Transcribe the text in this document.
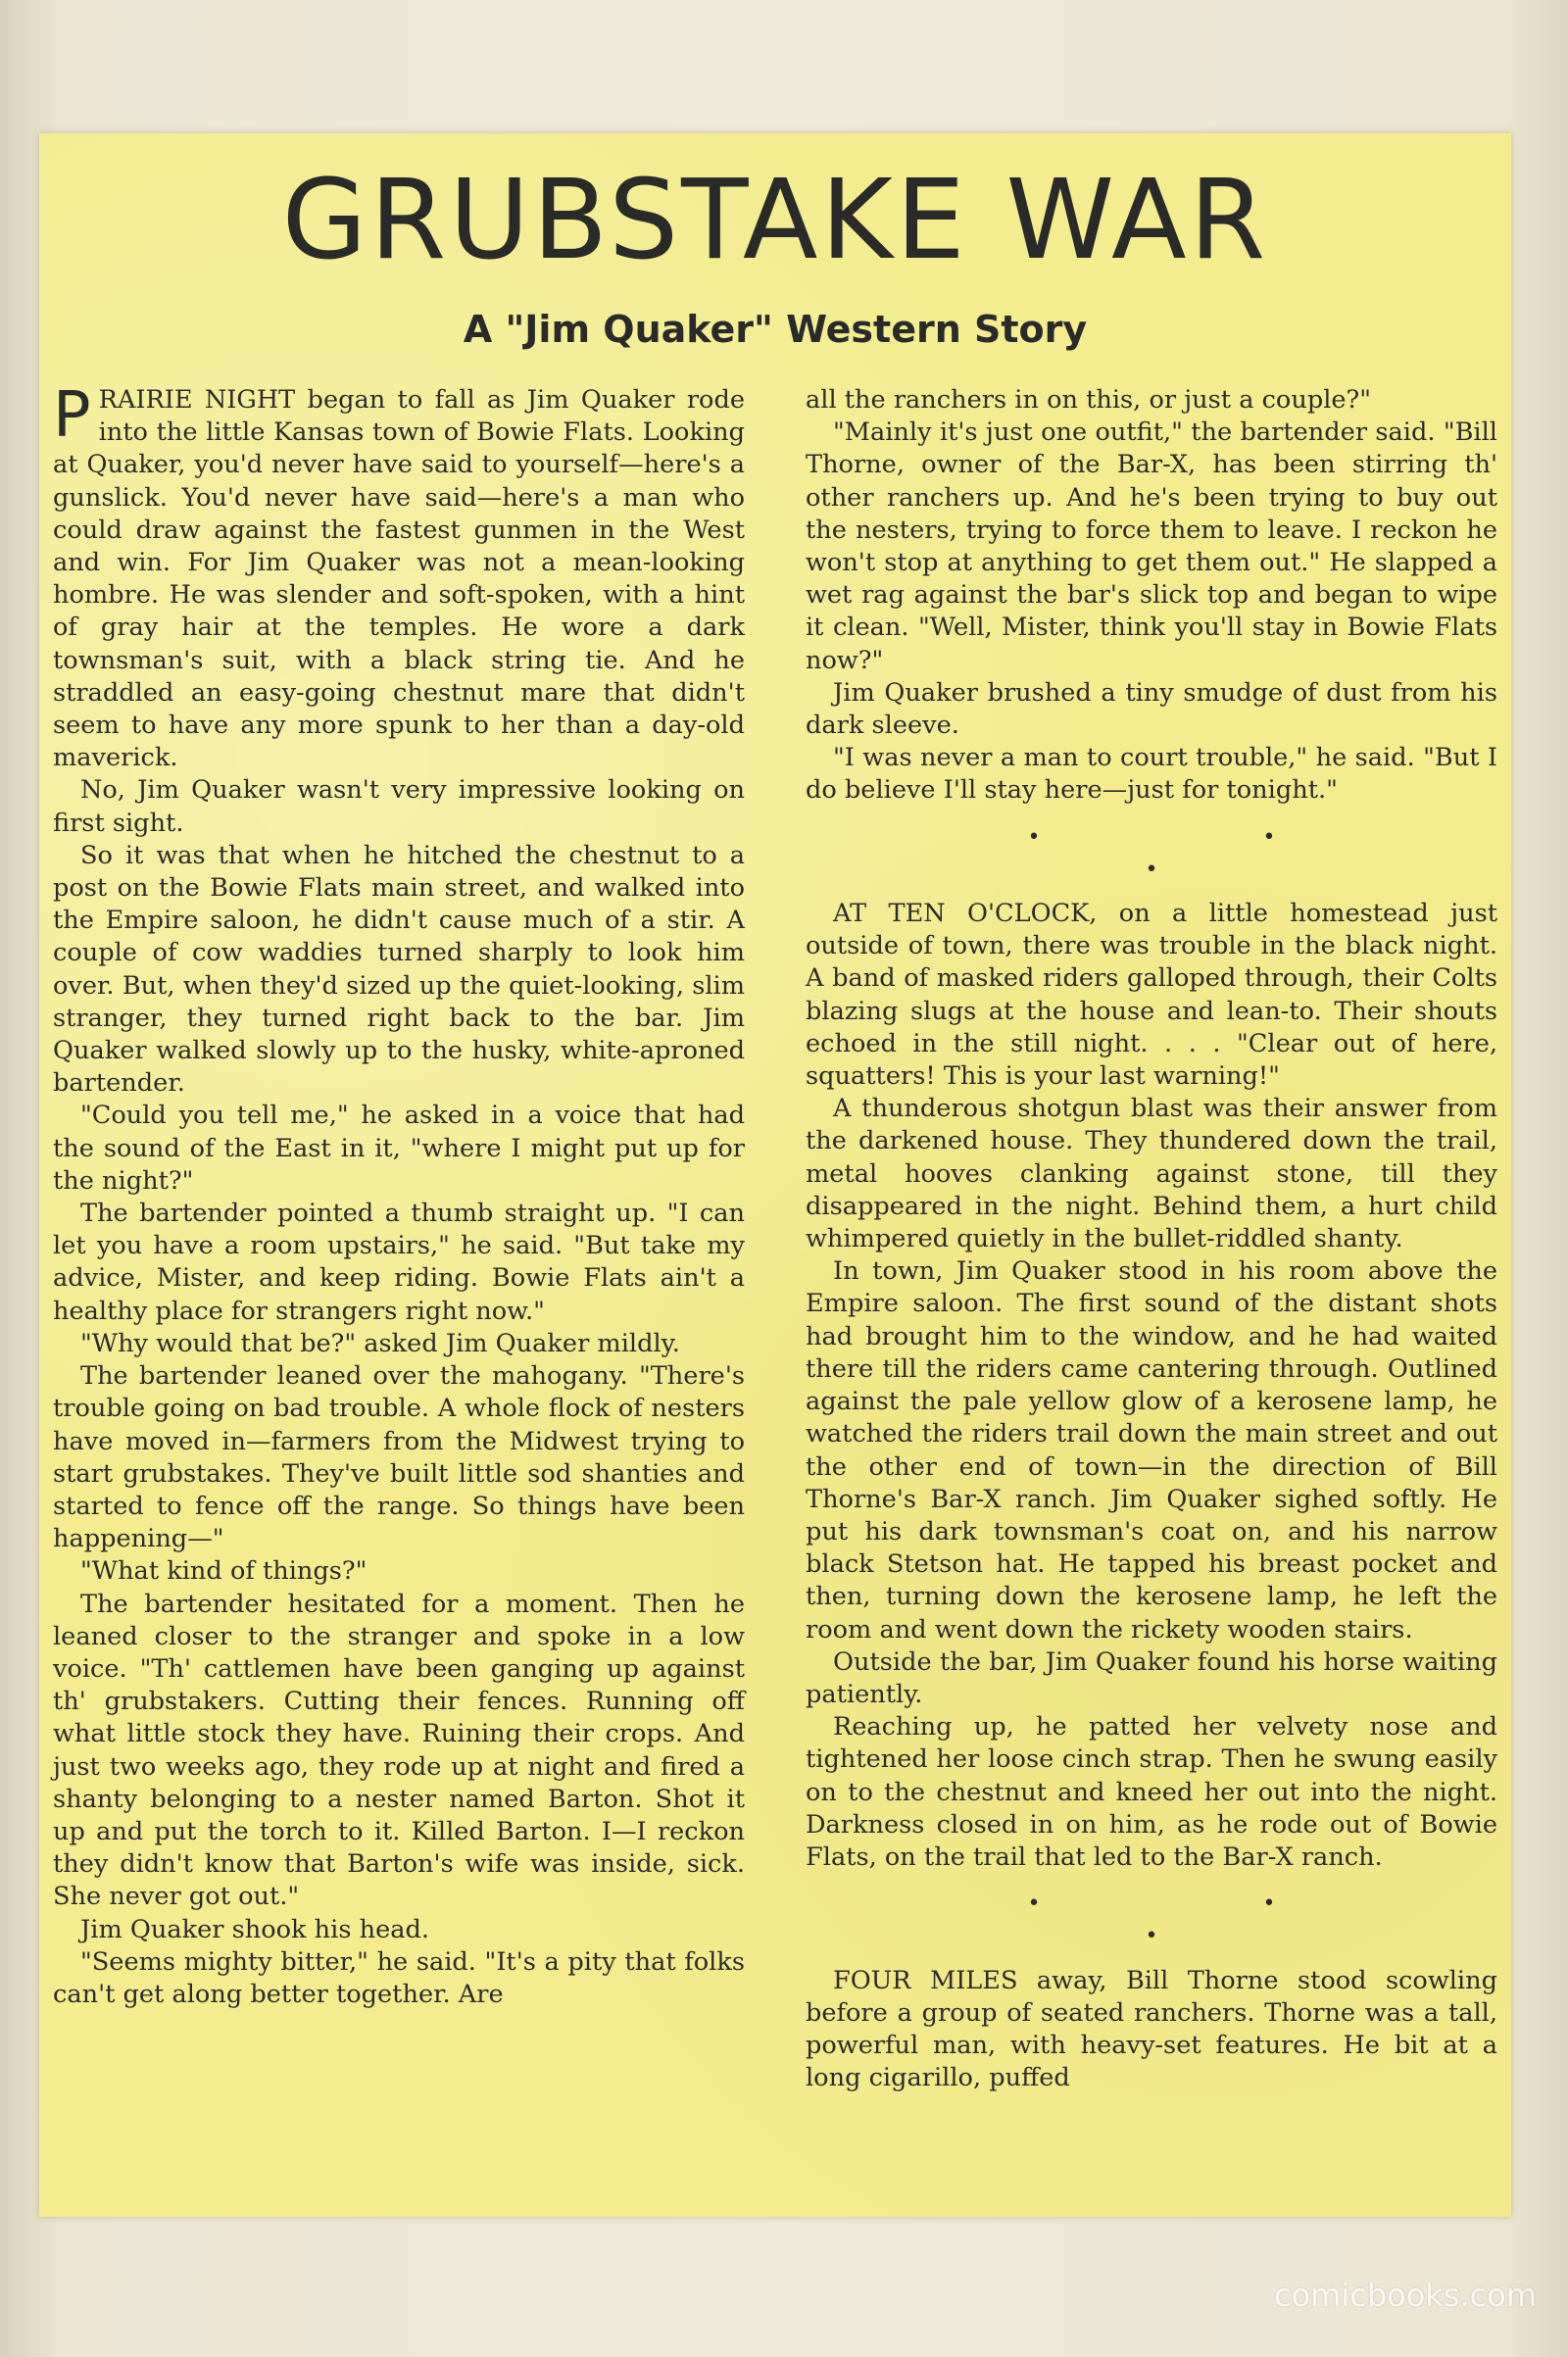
GRUBSTAKE WAR
A "Jim Quaker" Western Story

PRAIRIE NIGHT began to fall as Jim Quaker rode into the little Kansas town of Bowie Flats. Looking at Quaker, you'd never have said to yourself—here's a gunslick. You'd never have said—here's a man who could draw against the fastest gunmen in the West and win. For Jim Quaker was not a mean-looking hombre. He was slender and soft-spoken, with a hint of gray hair at the temples. He wore a dark townsman's suit, with a black string tie. And he straddled an easy-going chestnut mare that didn't seem to have any more spunk to her than a day-old maverick.

No, Jim Quaker wasn't very impressive looking on first sight.

So it was that when he hitched the chestnut to a post on the Bowie Flats main street, and walked into the Empire saloon, he didn't cause much of a stir. A couple of cow waddies turned sharply to look him over. But, when they'd sized up the quiet-looking, slim stranger, they turned right back to the bar. Jim Quaker walked slowly up to the husky, white-aproned bartender.

"Could you tell me," he asked in a voice that had the sound of the East in it, "where I might put up for the night?"

The bartender pointed a thumb straight up. "I can let you have a room upstairs," he said. "But take my advice, Mister, and keep riding. Bowie Flats ain't a healthy place for strangers right now."

"Why would that be?" asked Jim Quaker mildly.

The bartender leaned over the mahogany. "There's trouble going on bad trouble. A whole flock of nesters have moved in—farmers from the Midwest trying to start grubstakes. They've built little sod shanties and started to fence off the range. So things have been happening—"

"What kind of things?"

The bartender hesitated for a moment. Then he leaned closer to the stranger and spoke in a low voice. "Th' cattlemen have been ganging up against th' grubstakers. Cutting their fences. Running off what little stock they have. Ruining their crops. And just two weeks ago, they rode up at night and fired a shanty belonging to a nester named Barton. Shot it up and put the torch to it. Killed Barton. I—I reckon they didn't know that Barton's wife was inside, sick. She never got out."

Jim Quaker shook his head.

"Seems mighty bitter," he said. "It's a pity that folks can't get along better together. Are

all the ranchers in on this, or just a couple?"

"Mainly it's just one outfit," the bartender said. "Bill Thorne, owner of the Bar-X, has been stirring th' other ranchers up. And he's been trying to buy out the nesters, trying to force them to leave. I reckon he won't stop at anything to get them out." He slapped a wet rag against the bar's slick top and began to wipe it clean. "Well, Mister, think you'll stay in Bowie Flats now?"

Jim Quaker brushed a tiny smudge of dust from his dark sleeve.

"I was never a man to court trouble," he said. "But I do believe I'll stay here—just for tonight."

• • •

AT TEN O'CLOCK, on a little homestead just outside of town, there was trouble in the black night. A band of masked riders galloped through, their Colts blazing slugs at the house and lean-to. Their shouts echoed in the still night. . . . "Clear out of here, squatters! This is your last warning!"

A thunderous shotgun blast was their answer from the darkened house. They thundered down the trail, metal hooves clanking against stone, till they disappeared in the night. Behind them, a hurt child whimpered quietly in the bullet-riddled shanty.

In town, Jim Quaker stood in his room above the Empire saloon. The first sound of the distant shots had brought him to the window, and he had waited there till the riders came cantering through. Outlined against the pale yellow glow of a kerosene lamp, he watched the riders trail down the main street and out the other end of town—in the direction of Bill Thorne's Bar-X ranch. Jim Quaker sighed softly. He put his dark townsman's coat on, and his narrow black Stetson hat. He tapped his breast pocket and then, turning down the kerosene lamp, he left the room and went down the rickety wooden stairs.

Outside the bar, Jim Quaker found his horse waiting patiently.

Reaching up, he patted her velvety nose and tightened her loose cinch strap. Then he swung easily on to the chestnut and kneed her out into the night. Darkness closed in on him, as he rode out of Bowie Flats, on the trail that led to the Bar-X ranch.

• • •

FOUR MILES away, Bill Thorne stood scowling before a group of seated ranchers. Thorne was a tall, powerful man, with heavy-set features. He bit at a long cigarillo, puffed

comicbooks.com
